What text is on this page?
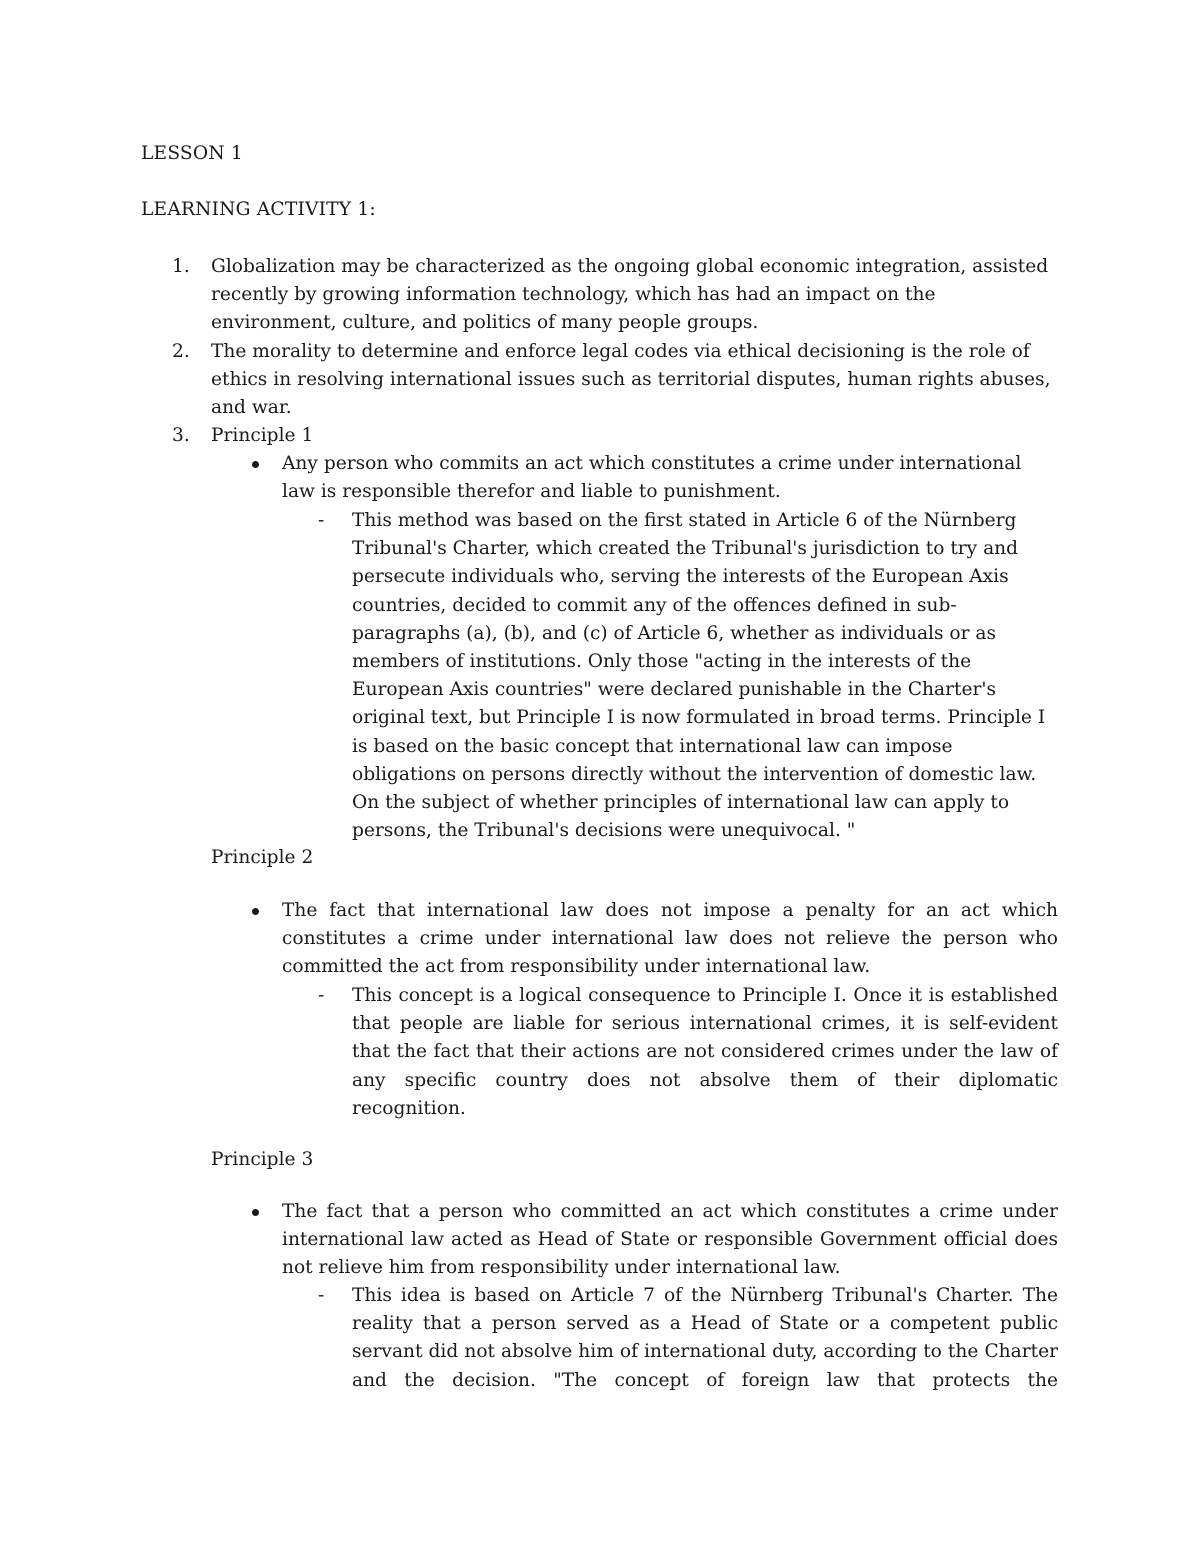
LESSON 1
LEARNING ACTIVITY 1:
1.	Globalization may be characterized as the ongoing global economic integration, assisted recently by growing information technology, which has had an impact on the environment, culture, and politics of many people groups.

2.	The morality to determine and enforce legal codes via ethical decisioning is the role of ethics in resolving international issues such as territorial disputes, human rights abuses, and war.

3.	Principle 1

Any person who commits an act which constitutes a crime under international law is responsible therefor and liable to punishment.

-	This method was based on the first stated in Article 6 of the Nürnberg Tribunal's Charter, which created the Tribunal's jurisdiction to try and persecute individuals who, serving the interests of the European Axis countries, decided to commit any of the offences defined in sub-paragraphs (a), (b), and (c) of Article 6, whether as individuals or as members of institutions. Only those "acting in the interests of the European Axis countries" were declared punishable in the Charter's original text, but Principle I is now formulated in broad terms. Principle I is based on the basic concept that international law can impose obligations on persons directly without the intervention of domestic law. On the subject of whether principles of international law can apply to persons, the Tribunal's decisions were unequivocal. "

Principle 2

The fact that international law does not impose a penalty for an act which constitutes a crime under international law does not relieve the person who committed the act from responsibility under international law.

-	This concept is a logical consequence to Principle I. Once it is established that people are liable for serious international crimes, it is self-evident that the fact that their actions are not considered crimes under the law of any specific country does not absolve them of their diplomatic recognition.

Principle 3

The fact that a person who committed an act which constitutes a crime under international law acted as Head of State or responsible Government official does not relieve him from responsibility under international law.

-	This idea is based on Article 7 of the Nürnberg Tribunal's Charter. The reality that a person served as a Head of State or a competent public servant did not absolve him of international duty, according to the Charter and the decision. "The concept of foreign law that protects the
